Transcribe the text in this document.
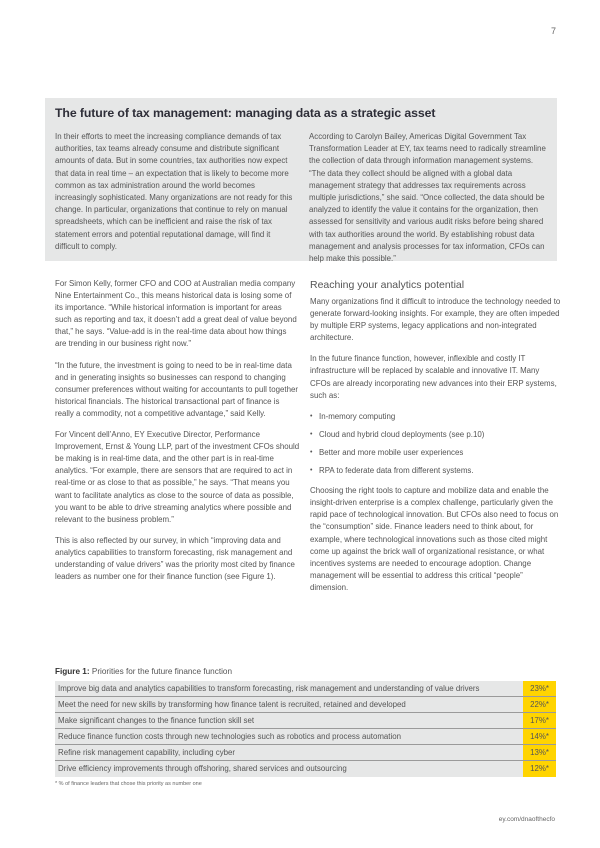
7
The future of tax management: managing data as a strategic asset

In their efforts to meet the increasing compliance demands of tax authorities, tax teams already consume and distribute significant amounts of data. But in some countries, tax authorities now expect that data in real time – an expectation that is likely to become more common as tax administration around the world becomes increasingly sophisticated. Many organizations are not ready for this change. In particular, organizations that continue to rely on manual spreadsheets, which can be inefficient and raise the risk of tax statement errors and potential reputational damage, will find it difficult to comply.

According to Carolyn Bailey, Americas Digital Government Tax Transformation Leader at EY, tax teams need to radically streamline the collection of data through information management systems. “The data they collect should be aligned with a global data management strategy that addresses tax requirements across multiple jurisdictions,” she said. “Once collected, the data should be analyzed to identify the value it contains for the organization, then assessed for sensitivity and various audit risks before being shared with tax authorities around the world. By establishing robust data management and analysis processes for tax information, CFOs can help make this possible.”

For Simon Kelly, former CFO and COO at Australian media company Nine Entertainment Co., this means historical data is losing some of its importance. “While historical information is important for areas such as reporting and tax, it doesn’t add a great deal of value beyond that,” he says. “Value-add is in the real-time data about how things are trending in our business right now.”

“In the future, the investment is going to need to be in real-time data and in generating insights so businesses can respond to changing consumer preferences without waiting for accountants to pull together historical financials. The historical transactional part of finance is really a commodity, not a competitive advantage,” said Kelly.

For Vincent dell’Anno, EY Executive Director, Performance Improvement, Ernst & Young LLP, part of the investment CFOs should be making is in real-time data, and the other part is in real-time analytics. “For example, there are sensors that are required to act in real-time or as close to that as possible,” he says. “That means you want to facilitate analytics as close to the source of data as possible, you want to be able to drive streaming analytics where possible and relevant to the business problem.”

This is also reflected by our survey, in which “improving data and analytics capabilities to transform forecasting, risk management and understanding of value drivers” was the priority most cited by finance leaders as number one for their finance function (see Figure 1).

Reaching your analytics potential

Many organizations find it difficult to introduce the technology needed to generate forward-looking insights. For example, they are often impeded by multiple ERP systems, legacy applications and non-integrated architecture.

In the future finance function, however, inflexible and costly IT infrastructure will be replaced by scalable and innovative IT. Many CFOs are already incorporating new advances into their ERP systems, such as:

• In-memory computing
• Cloud and hybrid cloud deployments (see p.10)
• Better and more mobile user experiences
• RPA to federate data from different systems.

Choosing the right tools to capture and mobilize data and enable the insight-driven enterprise is a complex challenge, particularly given the rapid pace of technological innovation. But CFOs also need to focus on the “consumption” side. Finance leaders need to think about, for example, where technological innovations such as those cited might come up against the brick wall of organizational resistance, or what incentives systems are needed to encourage adoption. Change management will be essential to address this critical “people” dimension.

Figure 1: Priorities for the future finance function
Improve big data and analytics capabilities to transform forecasting, risk management and understanding of value drivers	23%*
Meet the need for new skills by transforming how finance talent is recruited, retained and developed	22%*
Make significant changes to the finance function skill set	17%*
Reduce finance function costs through new technologies such as robotics and process automation	14%*
Refine risk management capability, including cyber	13%*
Drive efficiency improvements through offshoring, shared services and outsourcing	12%*
* % of finance leaders that chose this priority as number one
ey.com/dnaofthecfo
